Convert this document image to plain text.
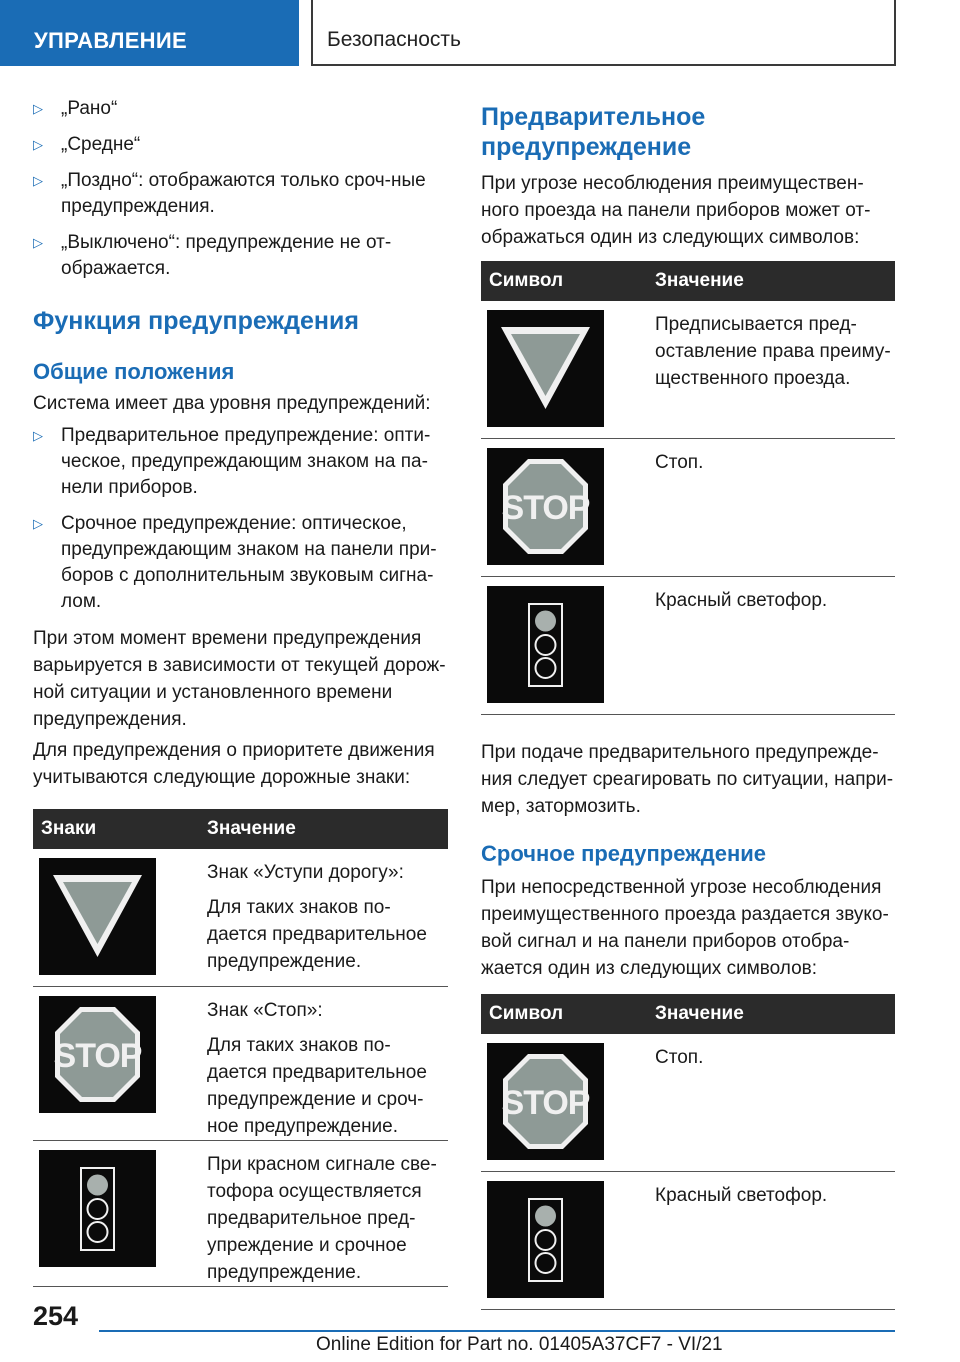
УПРАВЛЕНИЕ	Безопасность
▷ „Рано“
▷ „Средне“
▷ „Поздно“: отображаются только сроч-ные предупреждения.
▷ „Выключено“: предупреждение не от-ображается.
Функция предупреждения
Общие положения

Система имеет два уровня предупреждений:

▷ Предварительное предупреждение: опти-ческое, предупреждающим знаком на па-нели приборов.
▷ Срочное предупреждение: оптическое, предупреждающим знаком на панели при-боров с дополнительным звуковым сигна-лом.

При этом момент времени предупреждения варьируется в зависимости от текущей дорож-ной ситуации и установленного времени предупреждения.

Для предупреждения о приоритете движения учитываются следующие дорожные знаки:

Знаки	Значение

Знак «Уступи дорогу»:
Для таких знаков по-дается предварительное предупреждение.

STOP	Знак «Стоп»:
Для таких знаков по-дается предварительное предупреждение и сроч-ное предупреждение.

При красном сигнале све-тофора осуществляется предварительное пред-упреждение и срочное предупреждение.
Предварительное предупреждение

При угрозе несоблюдения преимуществен-ного проезда на панели приборов может от-ображаться один из следующих символов:

Символ	Значение

Предписывается пред-оставление права преиму-щественного проезда.

STOP	Стоп.

Красный светофор.

При подаче предварительного предупрежде-ния следует среагировать по ситуации, напри-мер, затормозить.

Срочное предупреждение

При непосредственной угрозе несоблюдения преимущественного проезда раздается звуко-вой сигнал и на панели приборов отобра-жается один из следующих символов:

Символ	Значение

STOP	Стоп.

Красный светофор.
254
Online Edition for Part no. 01405A37CF7 - VI/21
